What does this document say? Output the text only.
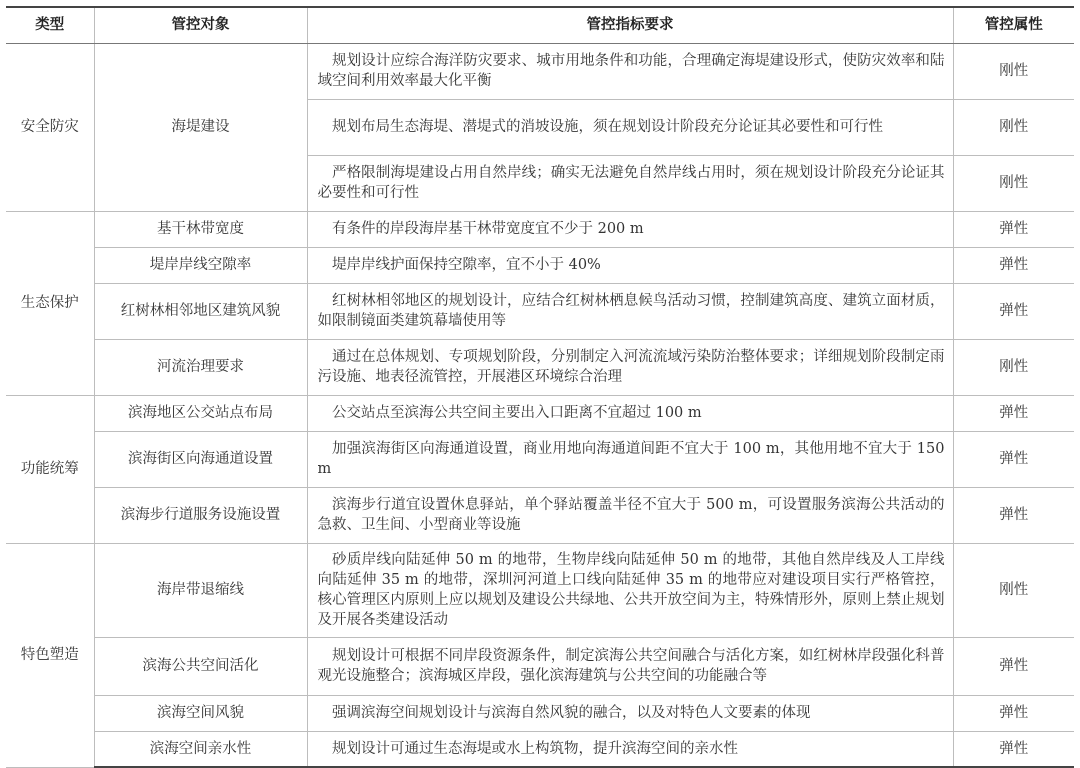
类型	管控对象	管控指标要求	管控属性
安全防灾	海堤建设	规划设计应综合海洋防灾要求、城市用地条件和功能，合理确定海堤建设形式，使防灾效率和陆域空间利用效率最大化平衡	刚性

		规划布局生态海堤、潜堤式的消坡设施，须在规划设计阶段充分论证其必要性和可行性	刚性

		严格限制海堤建设占用自然岸线；确实无法避免自然岸线占用时，须在规划设计阶段充分论证其必要性和可行性	刚性
生态保护	基干林带宽度	有条件的岸段海岸基干林带宽度宜不少于 200 m	弹性
	堤岸岸线空隙率	堤岸岸线护面保持空隙率，宜不小于 40%	弹性
	红树林相邻地区建筑风貌	红树林相邻地区的规划设计，应结合红树林栖息候鸟活动习惯，控制建筑高度、建筑立面材质，如限制镜面类建筑幕墙使用等	弹性
	河流治理要求	通过在总体规划、专项规划阶段，分别制定入河流流域污染防治整体要求；详细规划阶段制定雨污设施、地表径流管控，开展港区环境综合治理	刚性
功能统筹	滨海地区公交站点布局	公交站点至滨海公共空间主要出入口距离不宜超过 100 m	弹性
	滨海街区向海通道设置	加强滨海街区向海通道设置，商业用地向海通道间距不宜大于 100 m，其他用地不宜大于 150 m	弹性
	滨海步行道服务设施设置	滨海步行道宜设置休息驿站，单个驿站覆盖半径不宜大于 500 m，可设置服务滨海公共活动的急救、卫生间、小型商业等设施	弹性
特色塑造	海岸带退缩线	砂质岸线向陆延伸 50 m 的地带，生物岸线向陆延伸 50 m 的地带，其他自然岸线及人工岸线向陆延伸 35 m 的地带，深圳河河道上口线向陆延伸 35 m 的地带应对建设项目实行严格管控，核心管理区内原则上应以规划及建设公共绿地、公共开放空间为主，特殊情形外，原则上禁止规划及开展各类建设活动	刚性
	滨海公共空间活化	规划设计可根据不同岸段资源条件，制定滨海公共空间融合与活化方案，如红树林岸段强化科普观光设施整合；滨海城区岸段，强化滨海建筑与公共空间的功能融合等	弹性
	滨海空间风貌	强调滨海空间规划设计与滨海自然风貌的融合，以及对特色人文要素的体现	弹性
	滨海空间亲水性	规划设计可通过生态海堤或水上构筑物，提升滨海空间的亲水性	弹性
